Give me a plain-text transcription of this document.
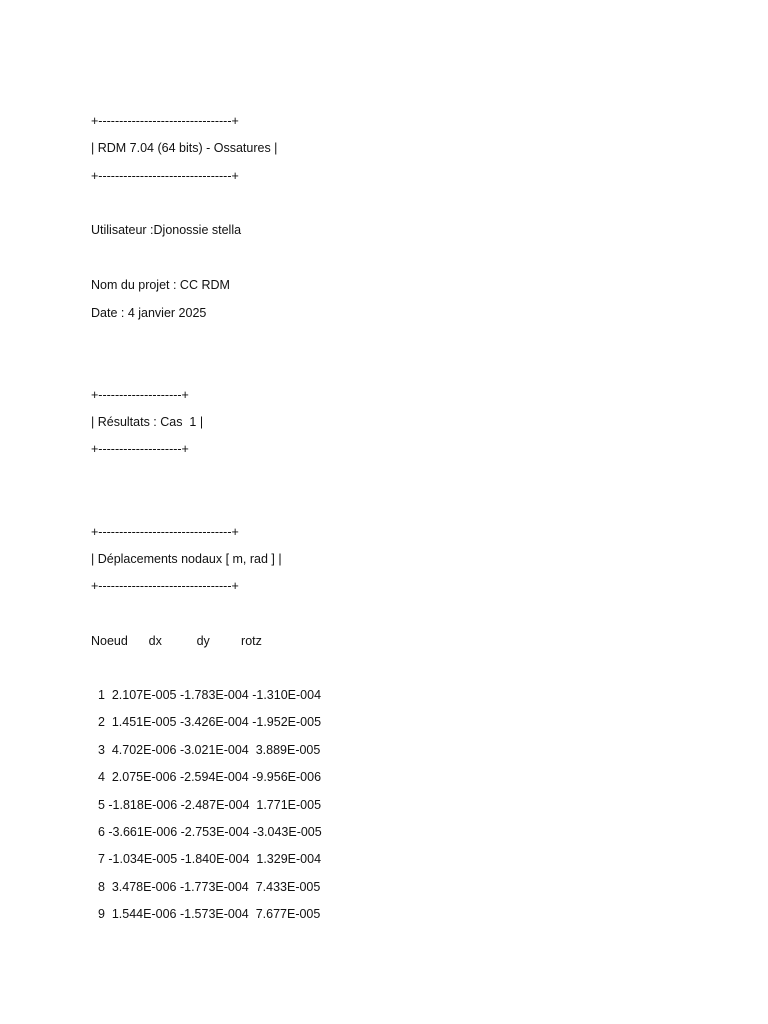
+--------------------------------+
| RDM 7.04 (64 bits) - Ossatures |
+--------------------------------+
Utilisateur :Djonossie stella
Nom du projet : CC RDM
Date : 4 janvier 2025
+--------------------+
| Résultats : Cas  1 |
+--------------------+
+--------------------------------+
| Déplacements nodaux [ m, rad ] |
+--------------------------------+
Noeud      dx          dy         rotz
1  2.107E-005 -1.783E-004 -1.310E-004
2  1.451E-005 -3.426E-004 -1.952E-005
3  4.702E-006 -3.021E-004  3.889E-005
4  2.075E-006 -2.594E-004 -9.956E-006
5 -1.818E-006 -2.487E-004  1.771E-005
6 -3.661E-006 -2.753E-004 -3.043E-005
7 -1.034E-005 -1.840E-004  1.329E-004
8  3.478E-006 -1.773E-004  7.433E-005
9  1.544E-006 -1.573E-004  7.677E-005
